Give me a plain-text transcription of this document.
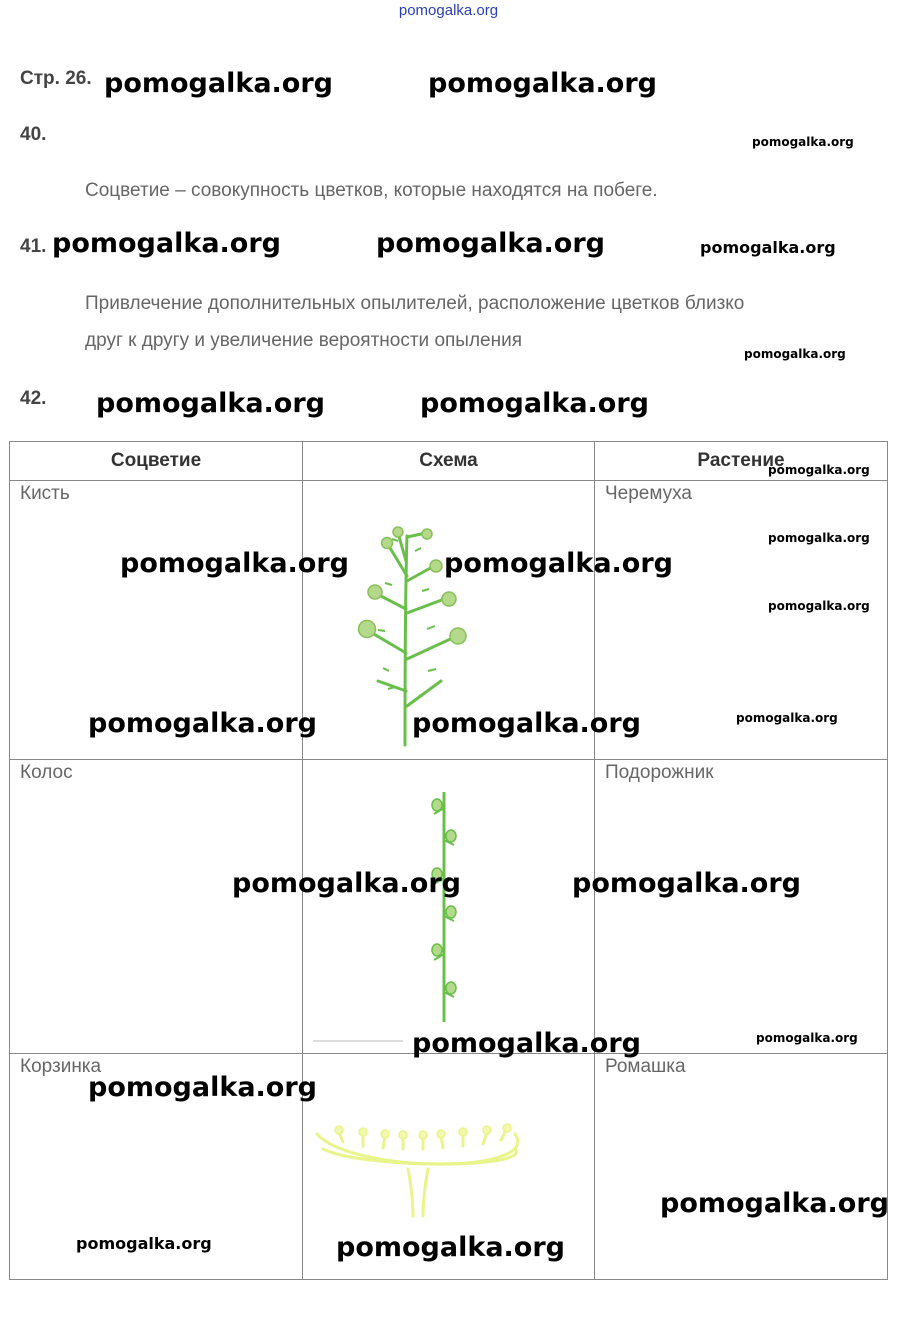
pomogalka.org
Стр. 26.
40.
Соцветие – совокупность цветков, которые находятся на побеге.
41.
Привлечение дополнительных опылителей, расположение цветков близко
друг к другу и увеличение вероятности опыления
42.
Соцветие	Схема	Растение

Кисть		Черемуха

Колос		Подорожник

Корзинка		Ромашка
pomogalka.org	pomogalka.org
pomogalka.org
pomogalka.org	pomogalka.org	pomogalka.org
pomogalka.org
pomogalka.org	pomogalka.org
pomogalka.org
pomogalka.org	pomogalka.org
pomogalka.org
pomogalka.org
pomogalka.org	pomogalka.org	pomogalka.org
pomogalka.org	pomogalka.org
pomogalka.org	pomogalka.org
pomogalka.org
pomogalka.org
pomogalka.org	pomogalka.org
